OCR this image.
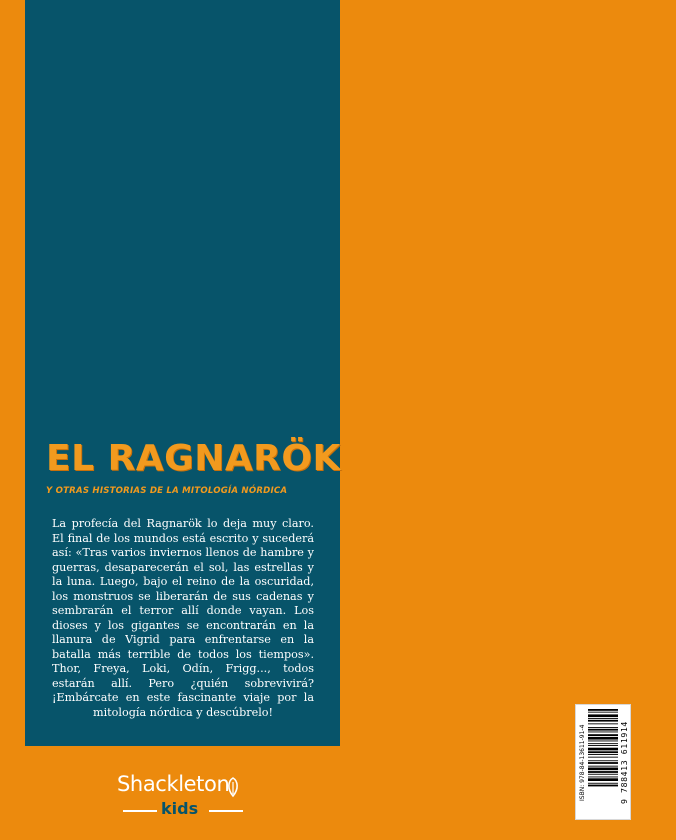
EL RAGNARÖK

Y OTRAS HISTORIAS DE LA MITOLOGÍA NÓRDICA

La profecía del Ragnarök lo deja muy claro. El final de los mundos está escrito y sucederá así: «Tras varios inviernos llenos de hambre y guerras, desaparecerán el sol, las estrellas y la luna. Luego, bajo el reino de la oscuridad, los monstruos se liberarán de sus cadenas y sembrarán el terror allí donde vayan. Los dioses y los gigantes se encontrarán en la llanura de Vigrid para enfrentarse en la batalla más terrible de todos los tiempos». Thor, Freya, Loki, Odín, Frigg..., todos estarán allí. Pero ¿quién sobrevivirá? ¡Embárcate en este fascinante viaje por la mitología nórdica y descúbrelo!

Shackleton
kids
ISBN: 978-84-13611-91-4	9 788413 611914
